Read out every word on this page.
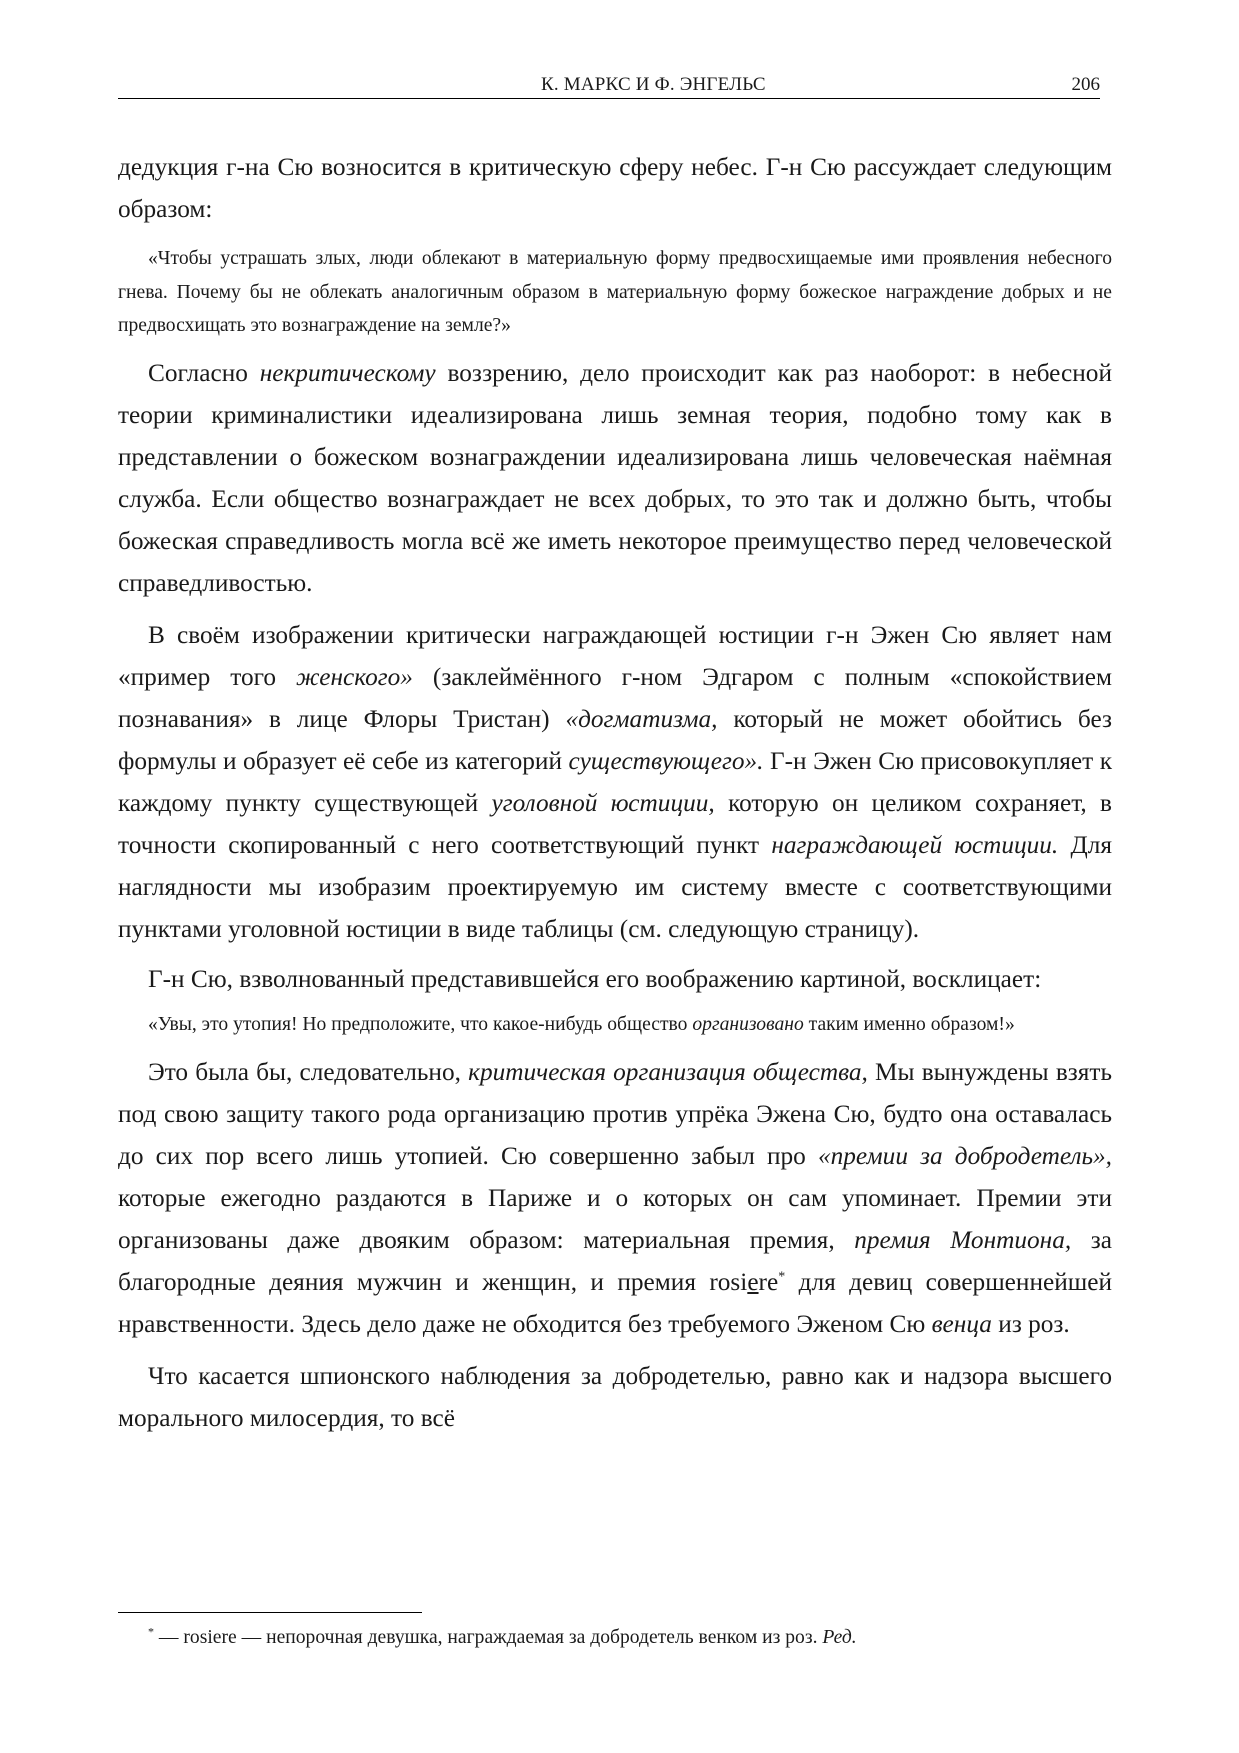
К. МАРКС И Ф. ЭНГЕЛЬС	206

дедукция г-на Сю возносится в критическую сферу небес. Г-н Сю рассуждает следующим образом:

«Чтобы устрашать злых, люди облекают в материальную форму предвосхищаемые ими проявления небесного гнева. Почему бы не облекать аналогичным образом в материальную форму божеское награждение добрых и не предвосхищать это вознаграждение на земле?»

Согласно некритическому воззрению, дело происходит как раз наоборот: в небесной теории криминалистики идеализирована лишь земная теория, подобно тому как в представлении о божеском вознаграждении идеализирована лишь человеческая наёмная служба. Если общество вознаграждает не всех добрых, то это так и должно быть, чтобы божеская справедливость могла всё же иметь некоторое преимущество перед человеческой справедливостью.

В своём изображении критически награждающей юстиции г-н Эжен Сю являет нам «пример того женского» (заклеймённого г-ном Эдгаром с полным «спокойствием познавания» в лице Флоры Тристан) «догматизма, который не может обойтись без формулы и образует её себе из категорий существующего». Г-н Эжен Сю присовокупляет к каждому пункту существующей уголовной юстиции, которую он целиком сохраняет, в точности скопированный с него соответствующий пункт награждающей юстиции. Для наглядности мы изобразим проектируемую им систему вместе с соответствующими пунктами уголовной юстиции в виде таблицы (см. следующую страницу).

Г-н Сю, взволнованный представившейся его воображению картиной, восклицает:

«Увы, это утопия! Но предположите, что какое-нибудь общество организовано таким именно образом!»

Это была бы, следовательно, критическая организация общества, Мы вынуждены взять под свою защиту такого рода организацию против упрёка Эжена Сю, будто она оставалась до сих пор всего лишь утопией. Сю совершенно забыл про «премии за добродетель», которые ежегодно раздаются в Париже и о которых он сам упоминает. Премии эти организованы даже двояким образом: материальная премия, премия Монтиона, за благородные деяния мужчин и женщин, и премия rosiere* для девиц совершеннейшей нравственности. Здесь дело даже не обходится без требуемого Эженом Сю венца из роз.

Что касается шпионского наблюдения за добродетелью, равно как и надзора высшего морального милосердия, то всё

* — rosiere — непорочная девушка, награждаемая за добродетель венком из роз. Ред.
